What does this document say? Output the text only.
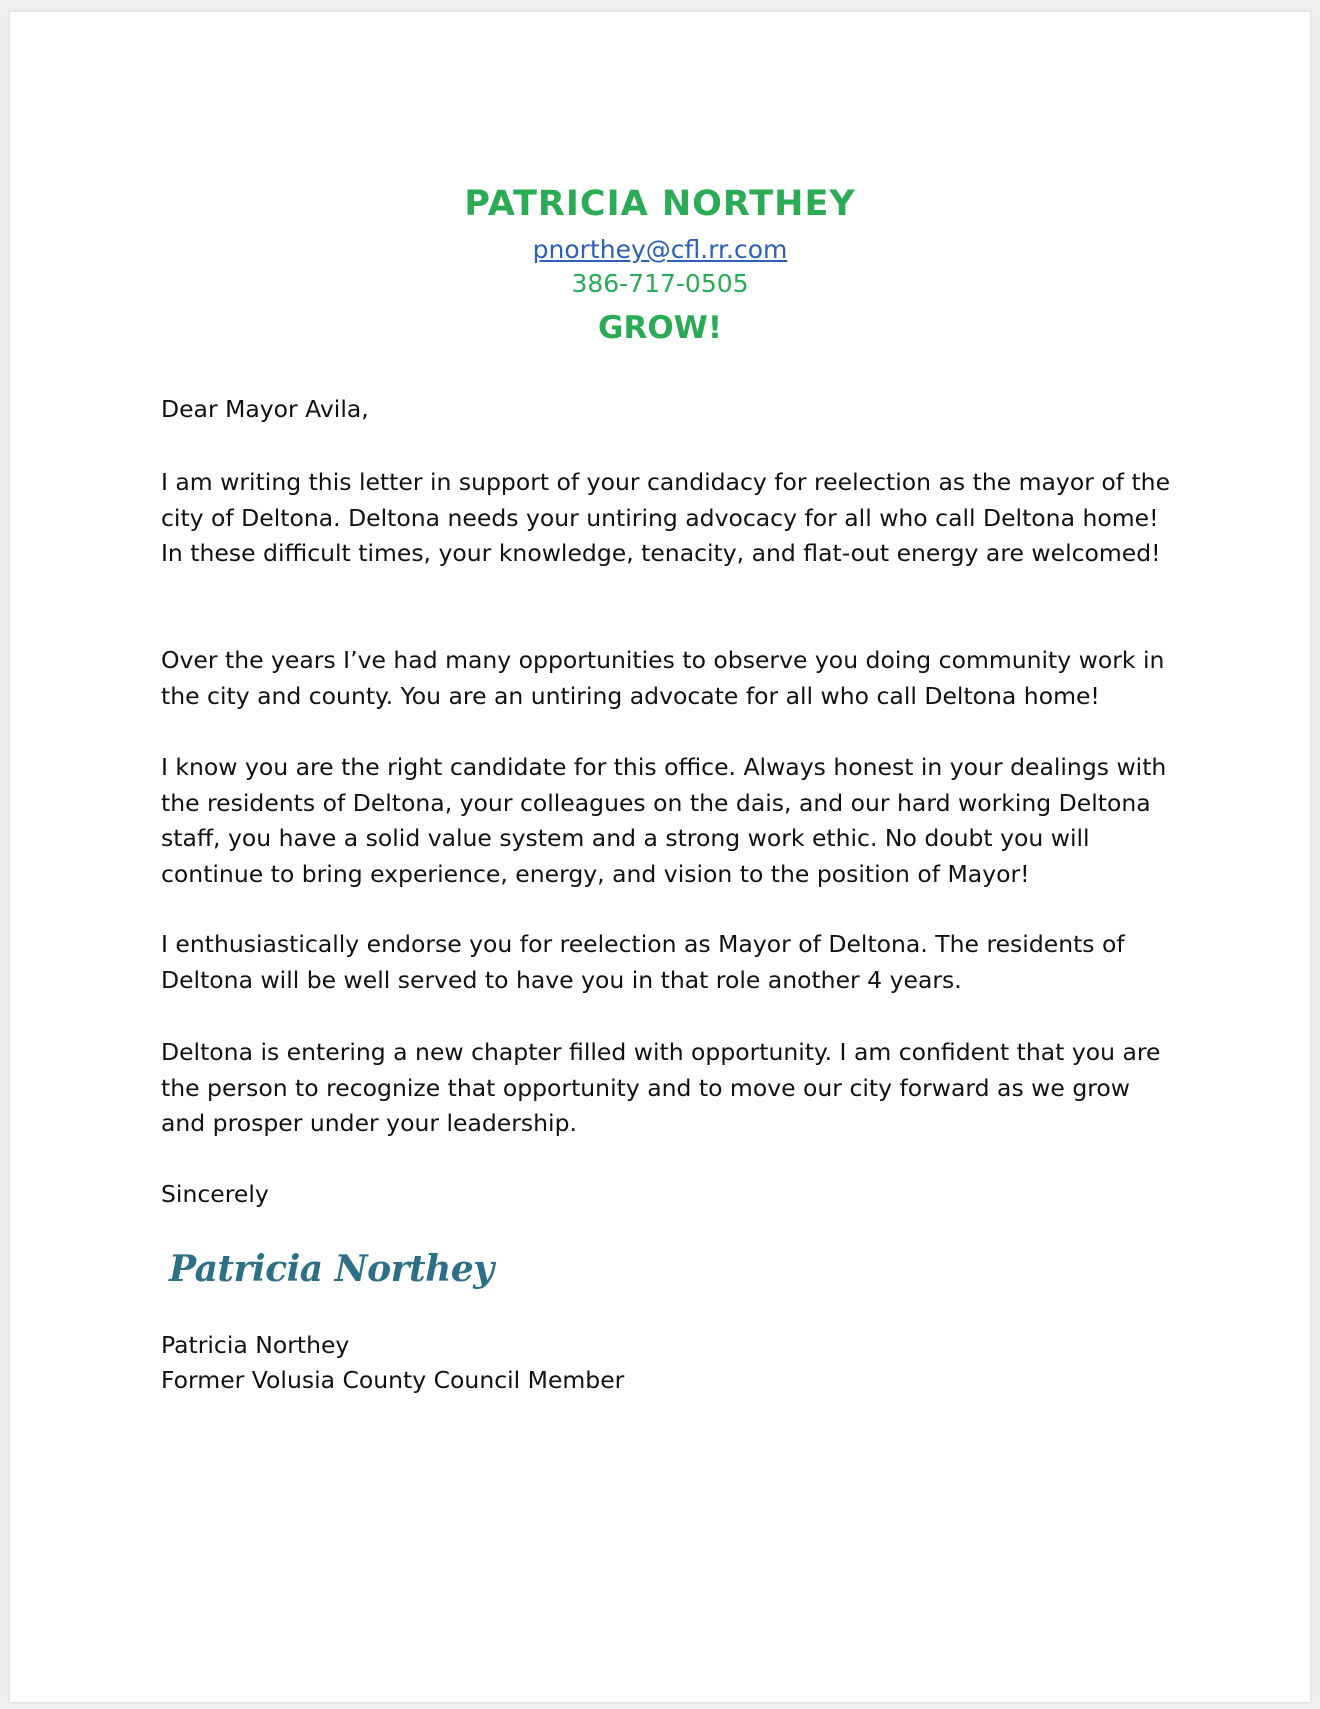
PATRICIA NORTHEY
pnorthey@cfl.rr.com
386-717-0505
GROW!

Dear Mayor Avila,

I am writing this letter in support of your candidacy for reelection as the mayor of the city of Deltona. Deltona needs your untiring advocacy for all who call Deltona home! In these difficult times, your knowledge, tenacity, and flat-out energy are welcomed!

Over the years I’ve had many opportunities to observe you doing community work in the city and county. You are an untiring advocate for all who call Deltona home!

I know you are the right candidate for this office. Always honest in your dealings with the residents of Deltona, your colleagues on the dais, and our hard working Deltona staff, you have a solid value system and a strong work ethic. No doubt you will continue to bring experience, energy, and vision to the position of Mayor!

I enthusiastically endorse you for reelection as Mayor of Deltona. The residents of Deltona will be well served to have you in that role another 4 years.

Deltona is entering a new chapter filled with opportunity. I am confident that you are the person to recognize that opportunity and to move our city forward as we grow and prosper under your leadership.

Sincerely

Patricia Northey

Patricia Northey

Former Volusia County Council Member
